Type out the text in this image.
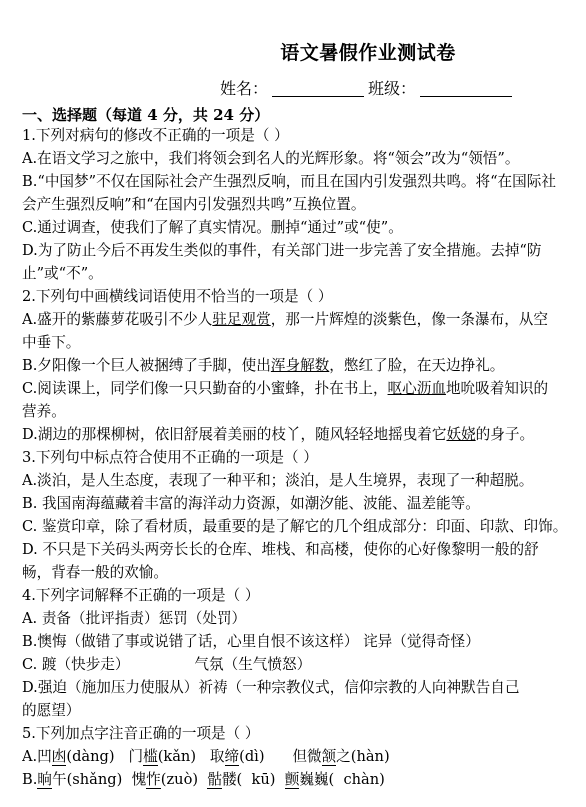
语文暑假作业测试卷
姓名：	班级：
一、选择题（每道 4 分，共 24 分）
1.下列对病句的修改不正确的一项是（ ）
A.在语文学习之旅中，我们将领会到名人的光辉形象。将“领会”改为“领悟”。
B.“中国梦”不仅在国际社会产生强烈反响，而且在国内引发强烈共鸣。将“在国际社
会产生强烈反响”和“在国内引发强烈共鸣”互换位置。
C.通过调查，使我们了解了真实情况。删掉“通过”或“使”。
D.为了防止今后不再发生类似的事件，有关部门进一步完善了安全措施。去掉“防
止”或“不”。
2.下列句中画横线词语使用不恰当的一项是（ ）
A.盛开的紫藤萝花吸引不少人驻足观赏，那一片辉煌的淡紫色，像一条瀑布，从空
中垂下。
B.夕阳像一个巨人被捆缚了手脚，使出浑身解数，憋红了脸，在天边挣礼。
C.阅读课上，同学们像一只只勤奋的小蜜蜂，扑在书上，呕心沥血地吮吸着知识的
营养。
D.湖边的那棵柳树，依旧舒展着美丽的枝丫，随风轻轻地摇曳着它妖娆的身子。
3.下列句中标点符合使用不正确的一项是（ ）
A.淡泊，是人生态度，表现了一种平和；淡泊，是人生境界，表现了一种超脱。
B. 我国南海蕴藏着丰富的海洋动力资源，如潮汐能、波能、温差能等。
C. 鉴赏印章，除了看材质，最重要的是了解它的几个组成部分：印面、印款、印饰。
D. 不只是下关码头两旁长长的仓库、堆栈、和高楼，使你的心好像黎明一般的舒
畅，背春一般的欢愉。
4.下列字词解释不正确的一项是（ ）
A. 责备（批评指责）惩罚（处罚）
B.懊悔（做错了事或说错了话，心里自恨不该这样） 诧异（觉得奇怪）
C. 踱（快步走）              气氛（生气愤怒）
D.强迫（施加压力使服从）祈祷（一种宗教仪式，信仰宗教的人向神默告自己
的愿望）
5.下列加点字注音正确的一项是（ ）
A.凹凼(dàng)   门槛(kǎn)   取缔(dì)      但微颔之(hàn)
B.晌午(shǎng)  愧怍(zuò)  骷髅(  kū)  颤巍巍(  chàn)
